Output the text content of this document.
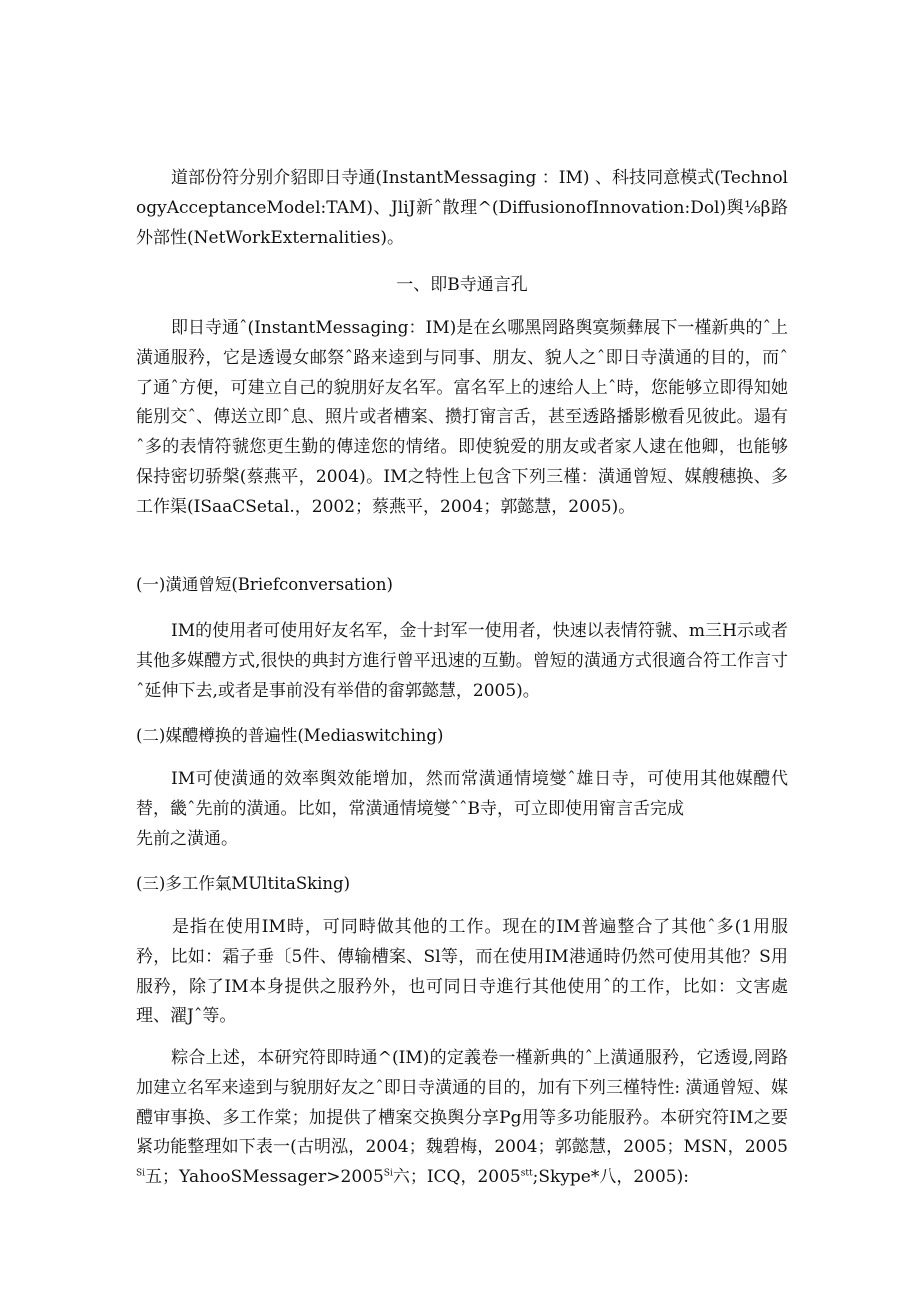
道部份符分别介貂即日寺通(InstantMessaging ：IM) 、科技同意模式(TechnologyAcceptanceModel:TAM)、JliJ新ˆ散理^(DiffusionofInnovation:Dol)舆⅛β路外部性(NetWorkExternalities)。

一、即B寺通言孔

即日寺通ˆ(InstantMessaging：IM)是在幺哪黑罔路舆寞频彝展下一槿新典的ˆ上潢通服矜，它是透谩女邮祭ˆ路来逵到与同事、朋友、貌人之ˆ即日寺潢通的目的，而ˆ了通ˆ方便，可建立自己的貌朋好友名军。富名军上的速给人上ˆ時，您能够立即得知她能別交ˆ、傳送立即ˆ息、照片或者槽案、攒打甯言舌，甚至透路播影檄看见彼此。遢有ˆ多的表情符虢您更生勤的傳逹您的情绪。即使貌爱的朋友或者家人逮在他卿，也能够保持密切骄槃(蔡燕平，2004)。IM之特性上包含下列三槿：潢通曾短、媒艘穗换、多工作渠(ISaaCSetal.，2002；蔡燕平，2004；郭懿慧，2005)。

(一)潢通曾短(Briefconversation)

IM的使用者可使用好友名军，金十封军一使用者，快速以表情符虢、m三H示或者其他多媒醴方式,很快的典封方進行曾平迅速的互勤。曾短的潢通方式很適合符工作言寸ˆ延伸下去,或者是事前没有举借的畲郭懿慧，2005)。

(二)媒醴樽换的普遍性(Mediaswitching)

IM可使潢通的效率舆效能增加，然而常潢通情境燮ˆ雄日寺，可使用其他媒醴代替，畿ˆ先前的潢通。比如，常潢通情境燮ˆˆB寺，可立即使用甯言舌完成
先前之潢通。

(三)多工作氣MUltitaSking)

是指在使用IM時，可同畤做其他的工作。现在的IM普遍整合了其他ˆ多(1用服矜，比如：霜子垂〔5件、傳输槽案、Sl等，而在使用IM港通時仍然可使用其他？S用服矜，除了IM本身提供之服矜外，也可同日寺進行其他使用ˆ的工作，比如：文害處理、濯Jˆ等。

粽合上述，本研究符即時通^(IM)的定義卷一槿新典的ˆ上潢通服矜，它透谩,罔路加建立名军来逵到与貌朋好友之ˆ即日寺潢通的目的，加有下列三槿特性: 潢通曾短、媒醴审事换、多工作棠；加提供了槽案交换舆分享Pg用等多功能服矜。本研究符IM之要紧功能整理如下表一(古明泓，2004；魏碧梅，2004；郭懿慧，2005；MSN，$2005^{Si}$五；$YahooSMessager>2005^{Si}$六；ICQ，$2005^{stt};Skype*$八，2005):
